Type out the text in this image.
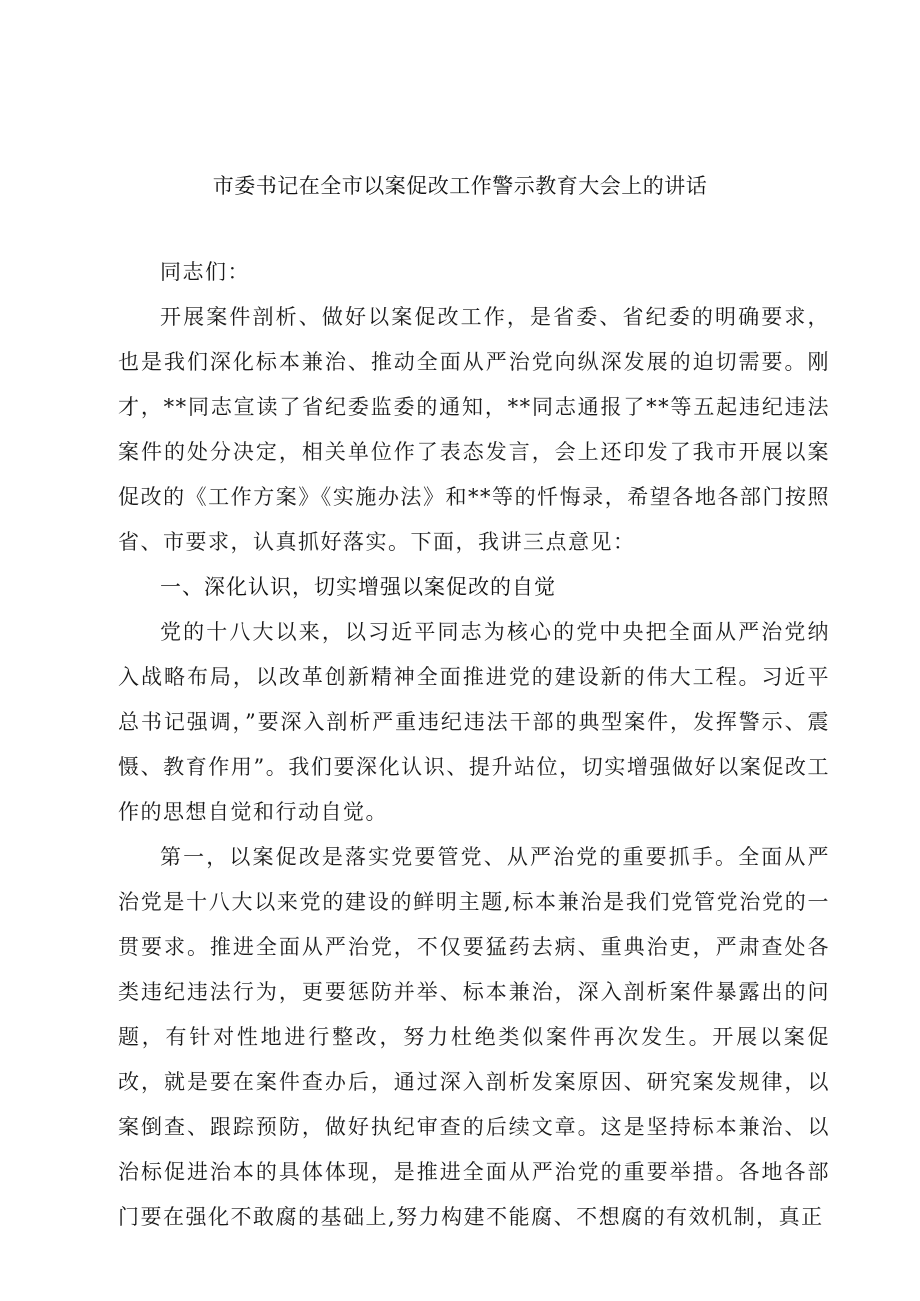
市委书记在全市以案促改工作警示教育大会上的讲话

同志们：

开展案件剖析、做好以案促改工作，是省委、省纪委的明确要求，也是我们深化标本兼治、推动全面从严治党向纵深发展的迫切需要。刚才，**同志宣读了省纪委监委的通知，**同志通报了**等五起违纪违法案件的处分决定，相关单位作了表态发言，会上还印发了我市开展以案促改的《工作方案》《实施办法》和**等的忏悔录，希望各地各部门按照省、市要求，认真抓好落实。下面，我讲三点意见：

一、深化认识，切实增强以案促改的自觉

党的十八大以来，以习近平同志为核心的党中央把全面从严治党纳入战略布局，以改革创新精神全面推进党的建设新的伟大工程。习近平总书记强调，”要深入剖析严重违纪违法干部的典型案件，发挥警示、震慑、教育作用”。我们要深化认识、提升站位，切实增强做好以案促改工作的思想自觉和行动自觉。

第一，以案促改是落实党要管党、从严治党的重要抓手。全面从严治党是十八大以来党的建设的鲜明主题,标本兼治是我们党管党治党的一贯要求。推进全面从严治党，不仅要猛药去病、重典治吏，严肃查处各类违纪违法行为，更要惩防并举、标本兼治，深入剖析案件暴露出的问题，有针对性地进行整改，努力杜绝类似案件再次发生。开展以案促改，就是要在案件查办后，通过深入剖析发案原因、研究案发规律，以案倒查、跟踪预防，做好执纪审查的后续文章。这是坚持标本兼治、以治标促进治本的具体体现，是推进全面从严治党的重要举措。各地各部门要在强化不敢腐的基础上,努力构建不能腐、不想腐的有效机制，真正
